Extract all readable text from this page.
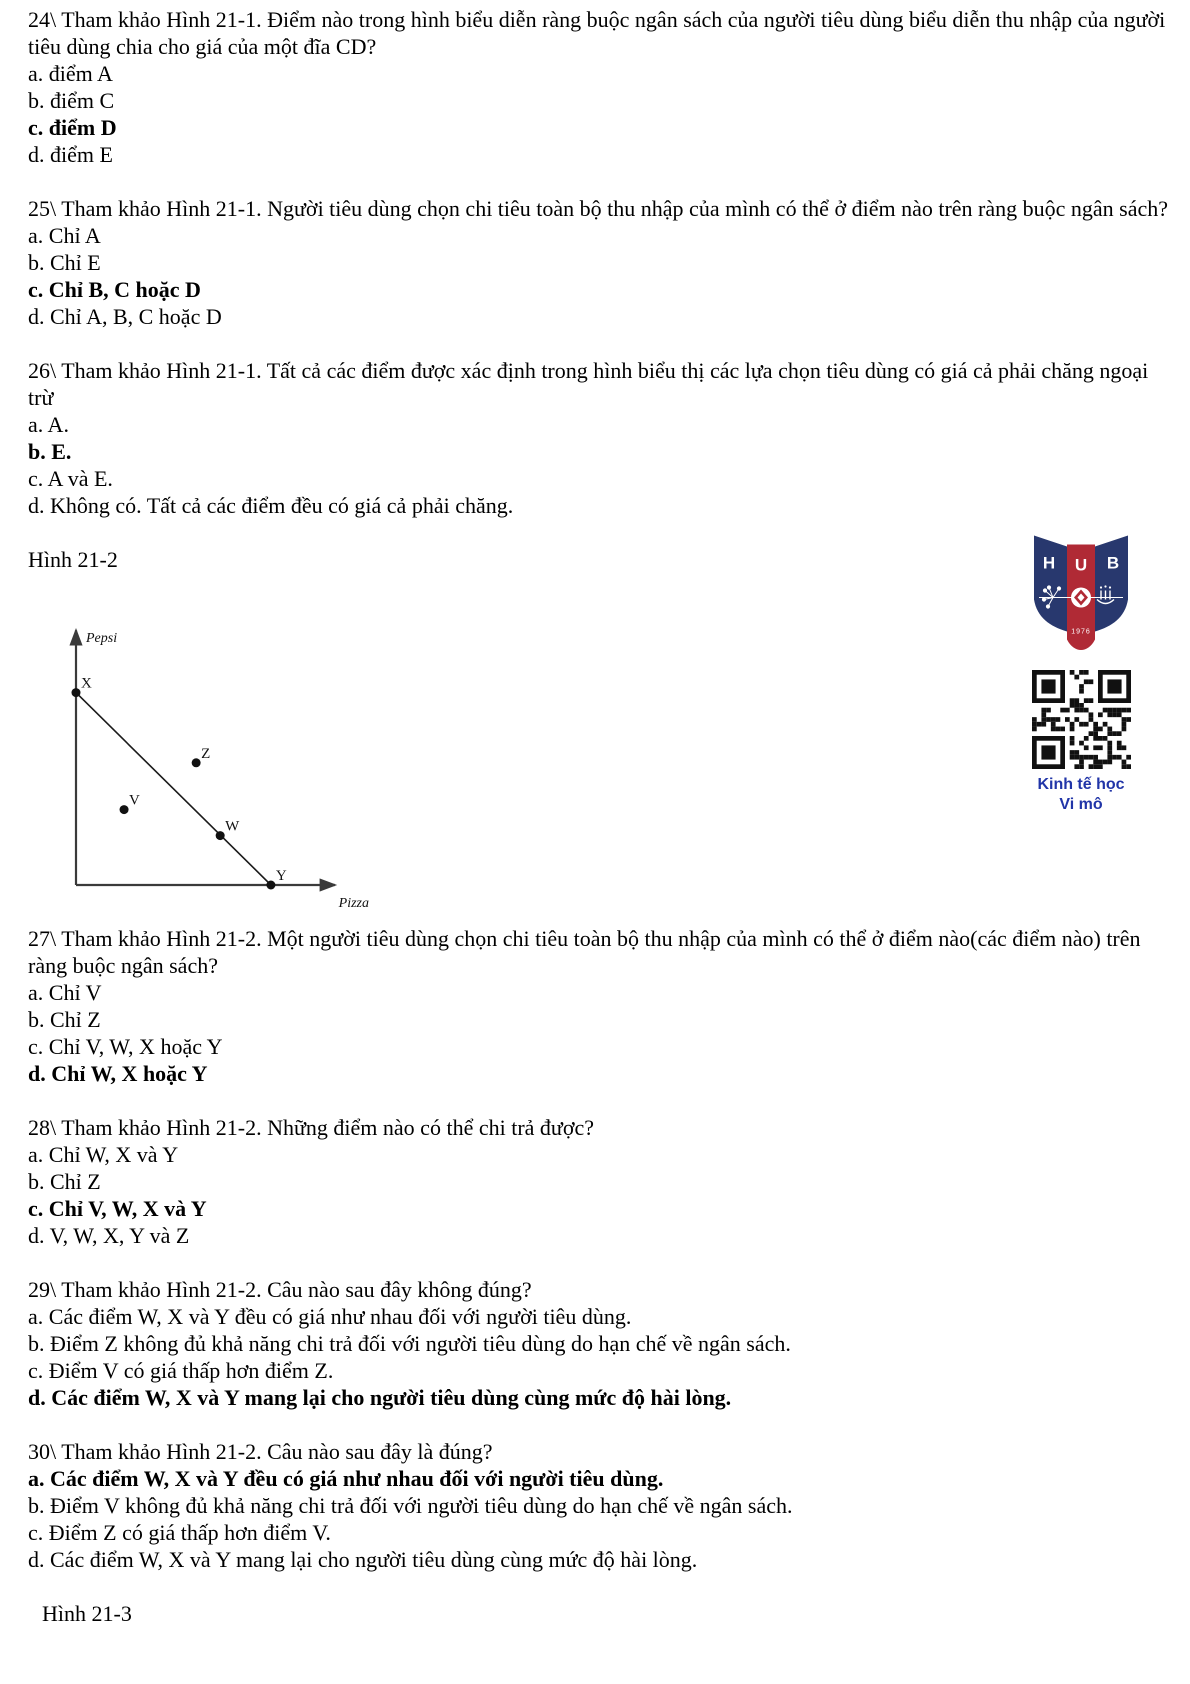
24\ Tham khảo Hình 21-1. Điểm nào trong hình biểu diễn ràng buộc ngân sách của người tiêu dùng biểu diễn thu nhập của người tiêu dùng chia cho giá của một đĩa CD?

a. điểm A

b. điểm C

c. điểm D

d. điểm E

25\ Tham khảo Hình 21-1. Người tiêu dùng chọn chi tiêu toàn bộ thu nhập của mình có thể ở điểm nào trên ràng buộc ngân sách?

a. Chỉ A

b. Chỉ E

c. Chỉ B, C hoặc D

d. Chỉ A, B, C hoặc D

26\ Tham khảo Hình 21-1. Tất cả các điểm được xác định trong hình biểu thị các lựa chọn tiêu dùng có giá cả phải chăng ngoại trừ

a. A.

b. E.

c. A và E.

d. Không có. Tất cả các điểm đều có giá cả phải chăng.

Hình 21-2

Pepsi
Pizza
X
Z
V
W
Y

27\ Tham khảo Hình 21-2. Một người tiêu dùng chọn chi tiêu toàn bộ thu nhập của mình có thể ở điểm nào(các điểm nào) trên ràng buộc ngân sách?

a. Chỉ V

b. Chỉ Z

c. Chỉ V, W, X hoặc Y

d. Chỉ W, X hoặc Y

28\ Tham khảo Hình 21-2. Những điểm nào có thể chi trả được?

a. Chỉ W, X và Y

b. Chỉ Z

c. Chỉ V, W, X và Y

d. V, W, X, Y và Z

29\ Tham khảo Hình 21-2. Câu nào sau đây không đúng?

a. Các điểm W, X và Y đều có giá như nhau đối với người tiêu dùng.

b. Điểm Z không đủ khả năng chi trả đối với người tiêu dùng do hạn chế về ngân sách.

c. Điểm V có giá thấp hơn điểm Z.

d. Các điểm W, X và Y mang lại cho người tiêu dùng cùng mức độ hài lòng.

30\ Tham khảo Hình 21-2. Câu nào sau đây là đúng?

a. Các điểm W, X và Y đều có giá như nhau đối với người tiêu dùng.

b. Điểm V không đủ khả năng chi trả đối với người tiêu dùng do hạn chế về ngân sách.

c. Điểm Z có giá thấp hơn điểm V.

d. Các điểm W, X và Y mang lại cho người tiêu dùng cùng mức độ hài lòng.

Hình 21-3

H U B
1976
Kinh tế học
Vi mô
